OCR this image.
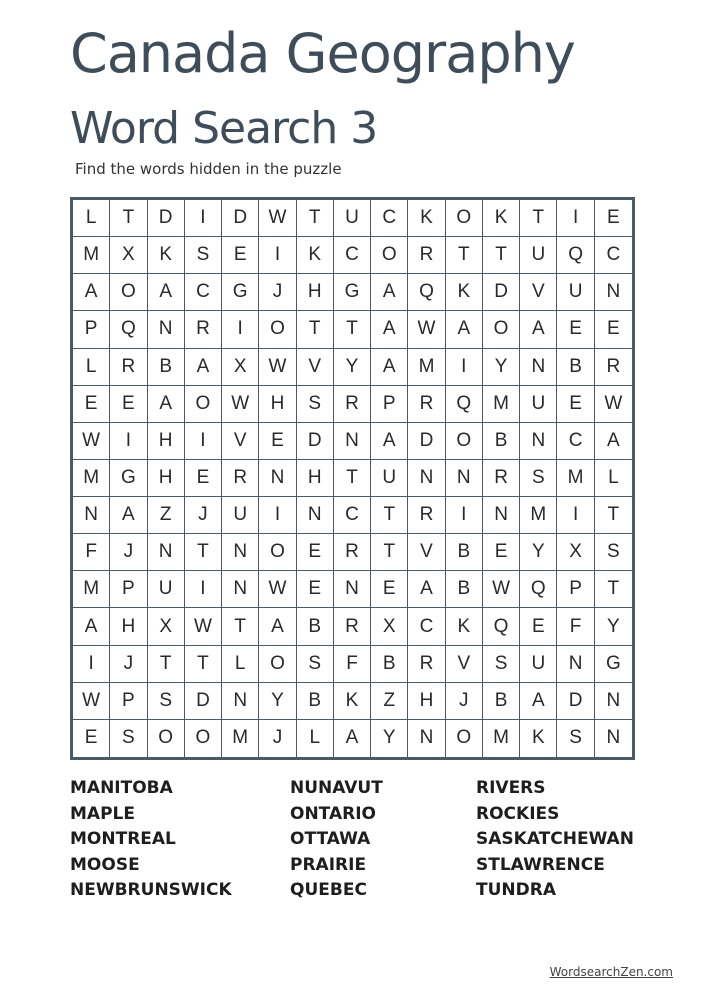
Canada Geography
Word Search 3
Find the words hidden in the puzzle
L	T	D	I	D	W	T	U	C	K	O	K	T	I	E
M	X	K	S	E	I	K	C	O	R	T	T	U	Q	C
A	O	A	C	G	J	H	G	A	Q	K	D	V	U	N
P	Q	N	R	I	O	T	T	A	W	A	O	A	E	E
L	R	B	A	X	W	V	Y	A	M	I	Y	N	B	R
E	E	A	O	W	H	S	R	P	R	Q	M	U	E	W
W	I	H	I	V	E	D	N	A	D	O	B	N	C	A
M	G	H	E	R	N	H	T	U	N	N	R	S	M	L
N	A	Z	J	U	I	N	C	T	R	I	N	M	I	T
F	J	N	T	N	O	E	R	T	V	B	E	Y	X	S
M	P	U	I	N	W	E	N	E	A	B	W	Q	P	T
A	H	X	W	T	A	B	R	X	C	K	Q	E	F	Y
I	J	T	T	L	O	S	F	B	R	V	S	U	N	G
W	P	S	D	N	Y	B	K	Z	H	J	B	A	D	N
E	S	O	O	M	J	L	A	Y	N	O	M	K	S	N
MANITOBA
MAPLE
MONTREAL
MOOSE
NEWBRUNSWICK
NUNAVUT
ONTARIO
OTTAWA
PRAIRIE
QUEBEC
RIVERS
ROCKIES
SASKATCHEWAN
STLAWRENCE
TUNDRA
WordsearchZen.com
